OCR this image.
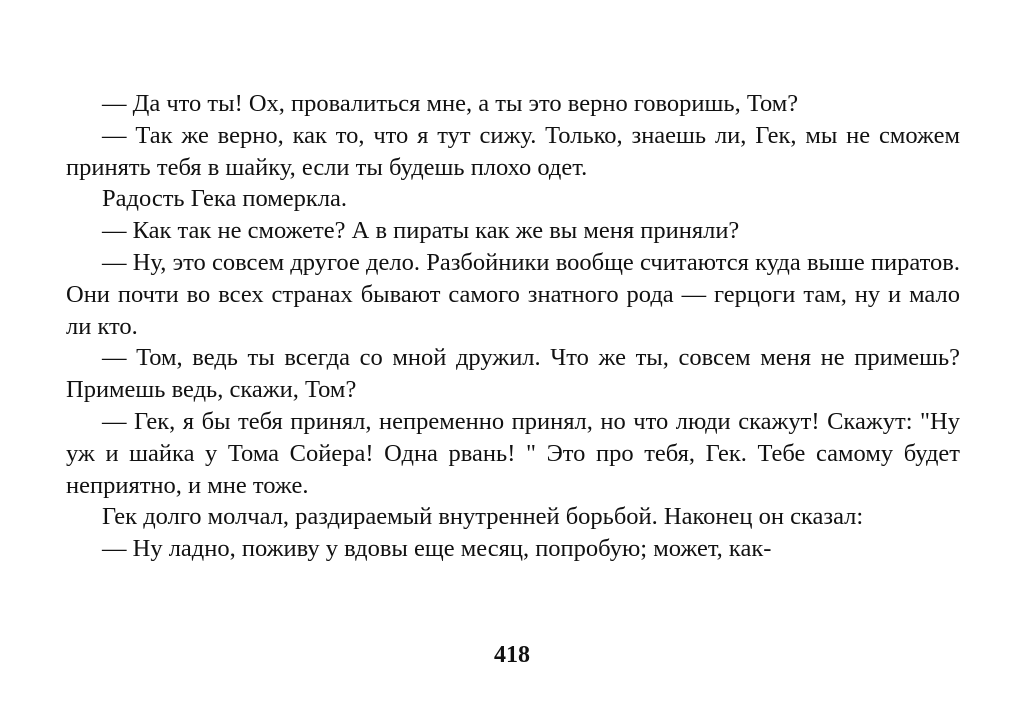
— Да что ты! Ох, провалиться мне, а ты это верно говоришь, Том?

— Так же верно, как то, что я тут сижу. Только, знаешь ли, Гек, мы не сможем принять тебя в шайку, если ты будешь плохо одет.

Радость Гека померкла.

— Как так не сможете? А в пираты как же вы меня приняли?

— Ну, это совсем другое дело. Разбойники вообще считаются куда выше пиратов. Они почти во всех странах бывают самого знатного рода — герцоги там, ну и мало ли кто.

— Том, ведь ты всегда со мной дружил. Что же ты, совсем меня не примешь? Примешь ведь, скажи, Том?

— Гек, я бы тебя принял, непременно принял, но что люди скажут! Скажут: "Ну уж и шайка у Тома Сойера! Одна рвань! " Это про тебя, Гек. Тебе самому будет неприятно, и мне тоже.

Гек долго молчал, раздираемый внутренней борьбой. Наконец он сказал:

— Ну ладно, поживу у вдовы еще месяц, попробую; может, как-

418
